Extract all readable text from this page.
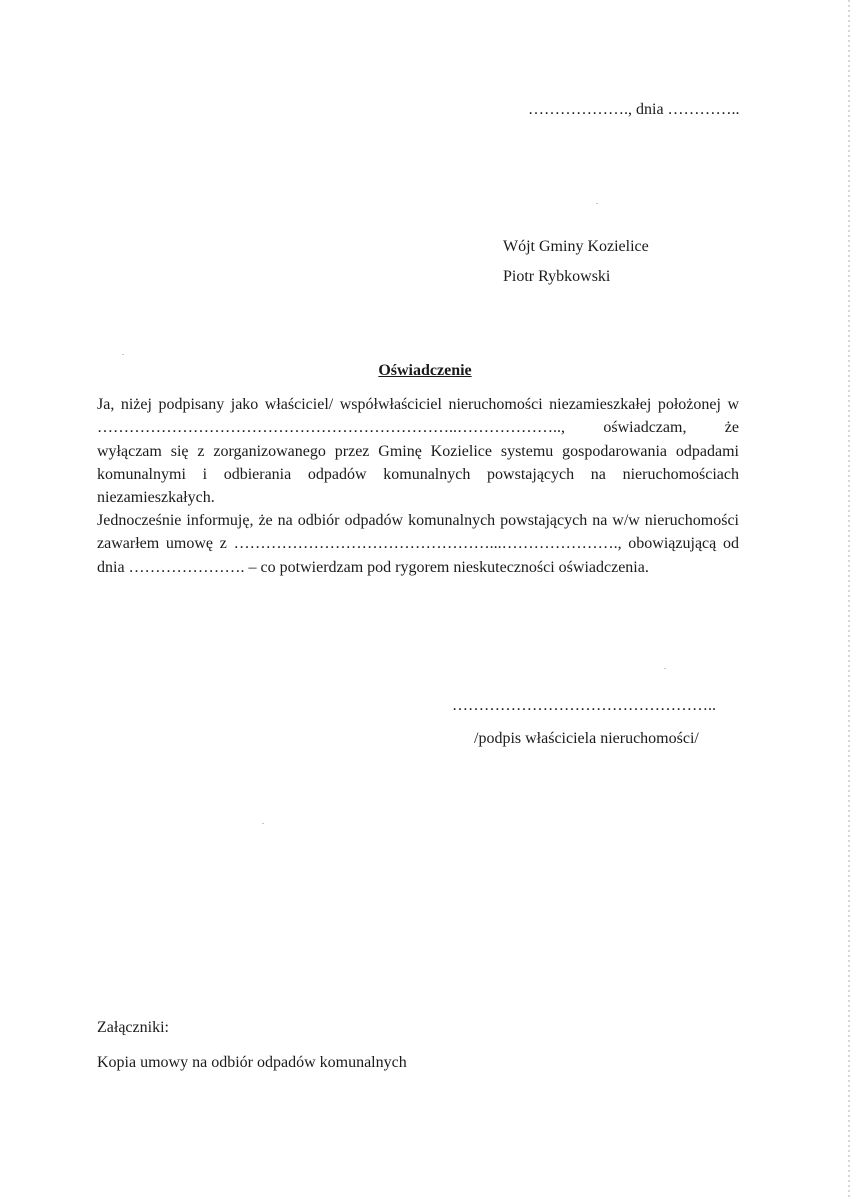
………………., dnia …………..
Wójt Gminy Kozielice
Piotr Rybkowski
Oświadczenie

Ja, niżej podpisany jako właściciel/ współwłaściciel nieruchomości niezamieszkałej położonej w …………………………………………………………..……………….., oświadczam, że wyłączam się z zorganizowanego przez Gminę Kozielice systemu gospodarowania odpadami komunalnymi i odbierania odpadów komunalnych powstających na nieruchomościach niezamieszkałych.

Jednocześnie informuję, że na odbiór odpadów komunalnych powstających na w/w nieruchomości zawarłem umowę z …………………………………………...…………………., obowiązującą od dnia …………………. – co potwierdzam pod rygorem nieskuteczności oświadczenia.

…………………………………………..
/podpis właściciela nieruchomości/
Załączniki:
Kopia umowy na odbiór odpadów komunalnych
